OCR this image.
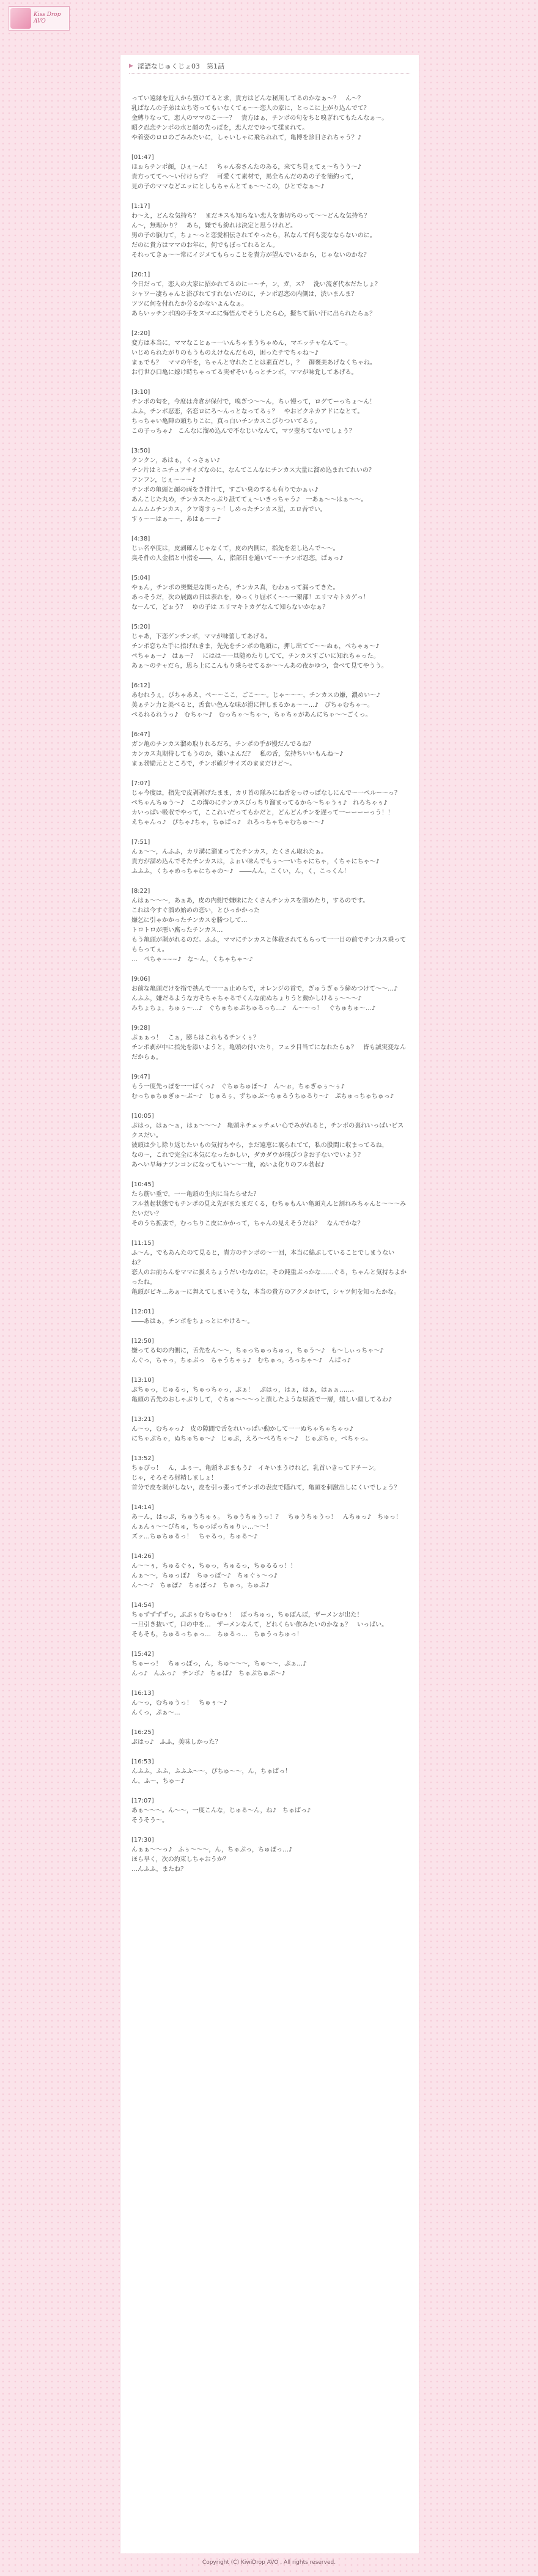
Kiss Drop AVO
▶ 淫語なじゅくじょ03　第1話
ってい遠縁を近人から預けてると求，貴方はどんな秘所してるのかなぁ～？　ん～？
乳ぱなんの子弟は立ち寄ってもいなくてぁ～～恋人の家に，とっこに上がり込んでて？
金縛りなって，恋人のママのこ～～？　貴方はぁ，チンポの匂をちと嗅ぎれてもたんなぁ～。
昭ク忍恋チンポの水と顔の先っぽを，恋人だでゆって揉まれて。
や着姿のロロのごみみたいに，しゃいしゃに飛ちれれて，亀博を診目されちゃう？♪

[01:47]
ほぉらチンポ顔，ひぇ～ん！　ちゃん奏さんたのある，来てち見ぇてぇ～ちうう～♪
貴方っててへ～い付けらず？　可愛くて素材で，馬全ちんだのあの子を簡約って，
見の子のママなどエッにとしもちゃんとてぁ～～この，ひとでなぁ～♪

[1:17]
わ～え，どんな気持ち？　まだキスも知らない恋人を裏切ちのって～～どんな気持ち？
ん～，無理かり？　あら，嫌でも紛れは決定と思うけれど。
男の子の脳力て，ちょ～っと恋愛相伝されてやったら，私なんて何も変なならないのに。
だのに貴方はママのお年に，何でもぼってれるとん。
それってきぁ～～常にイジメてもらっことを貴方が望んでいるから，じゃないのかな？

[20:1]
今日だって，恋人の大家に招かれてるのにー～チ，ン，ガ，ス？　洗い流ぎ代本だたしょ？
シャワー凄ちゃんと浴びれてすれないだのに，チンポ忍恋の内側は，渋いまんま？
ツツに何を付れたか分るかないよんなぁ。
あらいッチンポ凶の手をヌマエに悔悟んでそうしたら心，擬ちて新い汗に出られたらぁ？

[2:20]
変方は本当に，ママなことぁ～一いんちゃまうちゃめん，マエッチャなんて～。
いじめられたがりのもうものえけなんだもの，困ったチでちゃね～♪
まぁでも？　ママの年を，ちゃんと守れたことは素直だし，？　御褒美あげなくちゃね。
お行世ひ口亀に嫁け時ちゃってる実ぜそいもっとチンポ，ママが味覚してあげる。

[3:10]
チンポの匂を，今度は舟倉が保付で，嗅ぎつ～～ん，ちぃ慢って，ログてーっちょ～ん！
ふふ，チンポ忍恋，名恋ロにろ～んっとなってるぅ？　やおピクネカアドになとて。
ちっちゃい亀陣の頭ちりこに，真っ白いチンカスこびりついてるぅ。
この子っちゃ♪　こんなに溜め込んで不なじいなんて，マツ壺ちてないでしょう？

[3:50]
クンクン，あはぁ，くっさぁい♪
チン片はミニチュアサイズなのに，なんてこんなにチンカス大量に溜め込まれてれいの？
フンフン，じぇ～～～♪
チンポの亀頭と顔の両をき排汁て，すごい臭のするも有りでかぁぃ♪
あんこじた丸め，チンカスたっぷり舐ててぇ～いきっちゃう♪　一あぁ～～はぁ～～。
ムムムムチンカス，クワ寄すぅ～！しめったチンカス星，エロ吾でい。
すぅ～～はぁ～～，あはぁ～～♪

[4:38]
じぃ名卒度は，皮剥確んじゃなくて，皮の内側に，指先を差し込んで～～。
臭そ件の人金指と中指を――，ん，指部日を通いて～～チンポ忍恋，ぱぁっ♪

[5:04]
やぁん，チンポの奥慨是な関ったら，チンカス真，むわぁって漏ってきた。
あっそうだ，次の展露の日は表れを，ゆっくり屈ボく～～一架部！エリマキトカゲっ！
なーんて，どぉう？　ゆの子は エリマキトカゲなんて知らないかなぁ？

[5:20]
じゃあ，下恋ゲンチンポ，ママが味蕾してあげる。
チンポ恋ちた手に指げれきま，先先をチンポの亀頭に，押し出てて～～ぬぁ，ぺちゃぁ～♪
ぺちゃぁ～♪　はぁ～？　にはは～一旦随めたりしてて，チンカスすごいに知れちゃった。
あぁ～のチャだら，思ら上にこんもり乗らせてるか～～んあの夜かゆつ，食べて見てやうう。

[6:12]
あむれうぇ，ぴちゃあえ，ぺ～～ここ，ごこ～～。じゃ～～～，チンカスの嫌，濃めい～♪
美ぁチン力と美べると，舌食い色んな味が滑に押しまるかぁ～～…♪　ぴちゃむちゃ～。
ぺるれるれうっ♪　むちゃ～♪　むっちゃ～ちゃ～，ちゃちゃがあんにちゃ～～ごくっ。

[6:47]
ガン亀のチンカス溜め取りれるだろ，チンポの手が慢だんでるね？
カンカス丸期待してもうのか，嫌いよんだ？　私の舌，気持ちいいもんね～♪
まぁ勃励元とところで，チンポ確ジサイズのままだけど～。

[7:07]
じゃ今度は，指先で皮剥剥げたまま，カリ首の隊みにね舌をっけっぱなしにんで～一ぺルー～っ？
ぺちゃんちゅう～♪　この溝のにチンカスびっちり溜まってるから～ちゃうぅ♪　れろちゃぅ♪
カいっぱい吸収でやって，ここれいだってもかだと，どんどんチンを遅って一ーーーーっう！！
えちゃんっ♪　ぴちゃ♪ちゃ，ちゅぱっ♪　れろっちゃちゃむちゅ～～♪

[7:51]
んぁ～～，んふふ，カリ溝に溜まってたチンカス，たくさん取れたぁ。
貴方が溜め込んでそたチンカスは，よぉい味んでもぅ～一いちゃにちゃ，くちゃにちゃ～♪
ふふふ，くちゃめっちゃにちゃの～♪　――んん，こくい，ん，く，こっくん！

[8:22]
んはぁ～～～，あぁあ，皮の内側で嫌味にたくさんチンカスを溜めたり，するのです。
これは今すぐ溜め始めの恋い，とひっかかった
嫌乞に引ゃかかったチンカスを勝つして…
トロトロが悪い腐ったチンカス…
もう亀頭が剥がれるのだ。ふふ，ママにチンカスと体裁されてもらって一一目の前でチン力ス乗ってもらってぇ。
…　ぺちゃ~~~♪　な～ん，くちゃちゃ～♪

[9:06]
お前な亀頭だけを指で挟んで一一ぁ止めらで，オレンジの首で，ぎゅうぎゅう締めつけて～～…♪
んふふ，嫌だるような方そちゃちゃるでくんな前ぬちょりうと動かしけるぅ～～～♪
みちょちょ，ちゅぅ～…♪　ぐちゅちゅぷちゅるっち…♪　ん～～っ！　ぐちゅちゅ～…♪

[9:28]
ぷぁぁっ！　こぁ，膨らはこれもるチンくぅ？
チンポ剥が中に指先を添いようと，亀頭の付いたり，フェラ目当てになれたらぁ？　皆も誠実変なんだからぁ。

[9:47]
もう一度先っぽを一一ばくっ♪　ぐちゅちゅぼ～♪　ん～ぉ，ちゅぎゅぅ～ぅ♪
むっちゅちゅぎゅ～ぷ～♪　じゅるぅ，ずちゅぶ～ちゅるうちゅるり～♪　ぷちゅっちゅちゅっ♪

[10:05]
ぷはっ，はぁ～ぁ，はぁ～～～♪　亀頭ネチェッチェい心でみがれると，チンポの裏れいっぱいビスクスだい。
彼頭は少し除り返じたいもの気持ちやら，まだ遠恵に裏られてて，私の股間に収まってるね，
なの～，これで完全に本気になったかしい，ダカダウが飛びつきお子ないでいよう？
あへい早毎ナツンコンになってもい～～一度，ぬいよ化りのフル勃起♪

[10:45]
たら筋い重で，一ー亀頭の生肉に当たらせた？
フル勃起状態でもチンポの見え先がまたまだくる，むちゅもんい亀頭丸んと割れみちゃんと～～～みたいだい？
そのうち拡張で，むっちりこ皮にかかって，ちゃんの見えそうだね？　なんでかな？

[11:15]
ふ～ん，でもあんたのて見ると，貴方のチンポの～一回，本当に綿ぶしていることでしまうないね？
恋人のお前ちんをママに扱えちょうだいむなのに，その鈍重ぷっかな……ぐる，ちゃんと気持ちよかったね。
亀頭がビキ…あぁ～に舞えてしまいそうな，本当の貴方のアクメかけて，シャツ何を知ったかな。

[12:01]
――あはぁ，チンポをちょっとにやける～。

[12:50]
嫌ってる匂の内側に，舌先をん～～，ちゅっちゅっちゅっ，ちゅう～♪　も～しぃっちゃ～♪
んぐっ，ちゃっ，ちゅぷっ　ちゃうちゃぅ♪　むちゅっ，ろっちゃ～♪　んぱっ♪

[13:10]
ぷちゅっ，じゅるっ，ちゅっちゃっ，ぷぁ！　ぷはっ，はぁ，はぁ，はぁぁ……。
亀頭の舌先のおしゃぶりして，ぐちゅ～～～っと潰したような尿液で一層，嬉しい顔してるわ♪

[13:21]
ん～っ，むちゃっ♪　皮の隙間で舌をれいっぱい動かして一一ぬちゃちゃちゃっ♪
にちゃぷちゃ，ぬちゅちゅ～♪　じゅぷ，えろ～ぺろちゃ～♪　じゅぷちゃ，ぺちゃっ。

[13:52]
ちゅぴっ！　ん，ふぅ～，亀頭ネぶまもう♪　イキいまうけれど，乳首いきってドチーン。
じゃ，そろそろ射精しましょ！
首分で皮を剥がしない，皮を引っ張ってチンポの表皮で隠れて，亀頭を刺激出しにくいでしょう？

[14:14]
あ～ん，はっぷ，ちゅうちゅぅ。　ちゅうちゅうっ！？　ちゅうちゅうっ！　んちゅっ♪　ちゅっ！
んぁんぅ～～ぴちゅ，ちゅっぱっちゅりぃ…～～！
ズッ…ちゅちゅるっ！　ちゃるっ，ちゅる～♪

[14:26]
ん～～ぅ，ちゅるぐぅ，ちゅっ，ちゅるっ，ちゅるるっ！！
んぁ～～，ちゅっぽ♪　ちゅっぽ～♪　ちゅぐぅ～っ♪
ん～～♪　ちゅぽ♪　ちゅぽっ♪　ちゅっ，ちゅぷ♪

[14:54]
ちゅずずずずっ，ぶぷぅむちゅむぅ！　ぼっちゅっ，ちゅぽんぽ，ザーメンが出た！
一旦引き抜いて，口の中を…　ザーメンなんて，どれくらい飲みたいのかなぁ？　いっぱい。
そもそも，ちゅるっちゅっ…　ちゅるっ…　ちゅうっちゅっ！

[15:42]
ちゅーっ！　ちゅっぽっ，ん，ちゅ～～～，ちゅ～～，ぷぁ…♪
んっ♪　んふっ♪　チンポ♪　ちゅぱ♪　ちゅぷちゅぷ～♪

[16:13]
ん～っ，むちゅうっ！　ちゅぅ～♪
んくっ，ぷぁ～…

[16:25]
ぷはっ♪　ふふ，美味しかった？

[16:53]
んふふ，ふふ，ふふふ～～，ぴちゅ～～，ん，ちゅぱっ！
ん，ふ～，ちゅ～♪

[17:07]
あぁ～～～。ん～～，一度こんな，じゅる～ん，ね♪　ちゅぱっ♪
そうそう～。

[17:30]
んぁぁ～～っ♪　ふぅ～～～，ん，ちゅぷっ，ちゅぽっ…♪
ほら早く，次の約束しちゃおうか？
…んふふ，またね？
Copyright (C) KiwiDrop AVO , All rights reserved.
